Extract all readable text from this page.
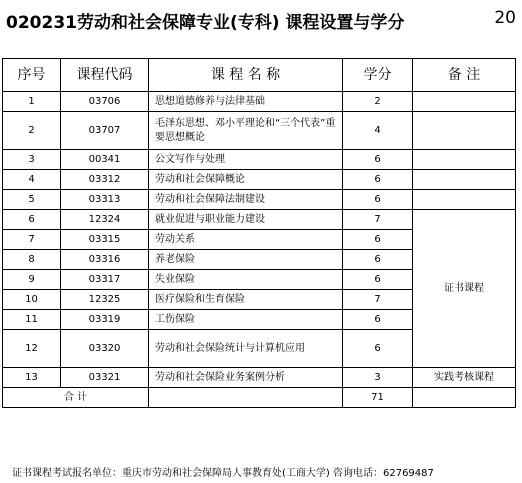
020231劳动和社会保障专业(专科) 课程设置与学分	20
序号	课程代码	课 程 名 称	学分	备 注
1	03706	思想道德修养与法律基础	2	
2	03707	毛泽东思想、邓小平理论和“三个代表”重要思想概论	4	
3	00341	公文写作与处理	6	
4	03312	劳动和社会保障概论	6	
5	03313	劳动和社会保障法制建设	6	
6	12324	就业促进与职业能力建设	7	证书课程
7	03315	劳动关系	6	
8	03316	养老保险	6	
9	03317	失业保险	6	
10	12325	医疗保险和生育保险	7	
11	03319	工伤保险	6	
12	03320	劳动和社会保险统计与计算机应用	6	
13	03321	劳动和社会保险业务案例分析	3	实践考核课程
合 计			71	
证书课程考试报名单位：重庆市劳动和社会保障局人事教育处(工商大学) 咨询电话：62769487
